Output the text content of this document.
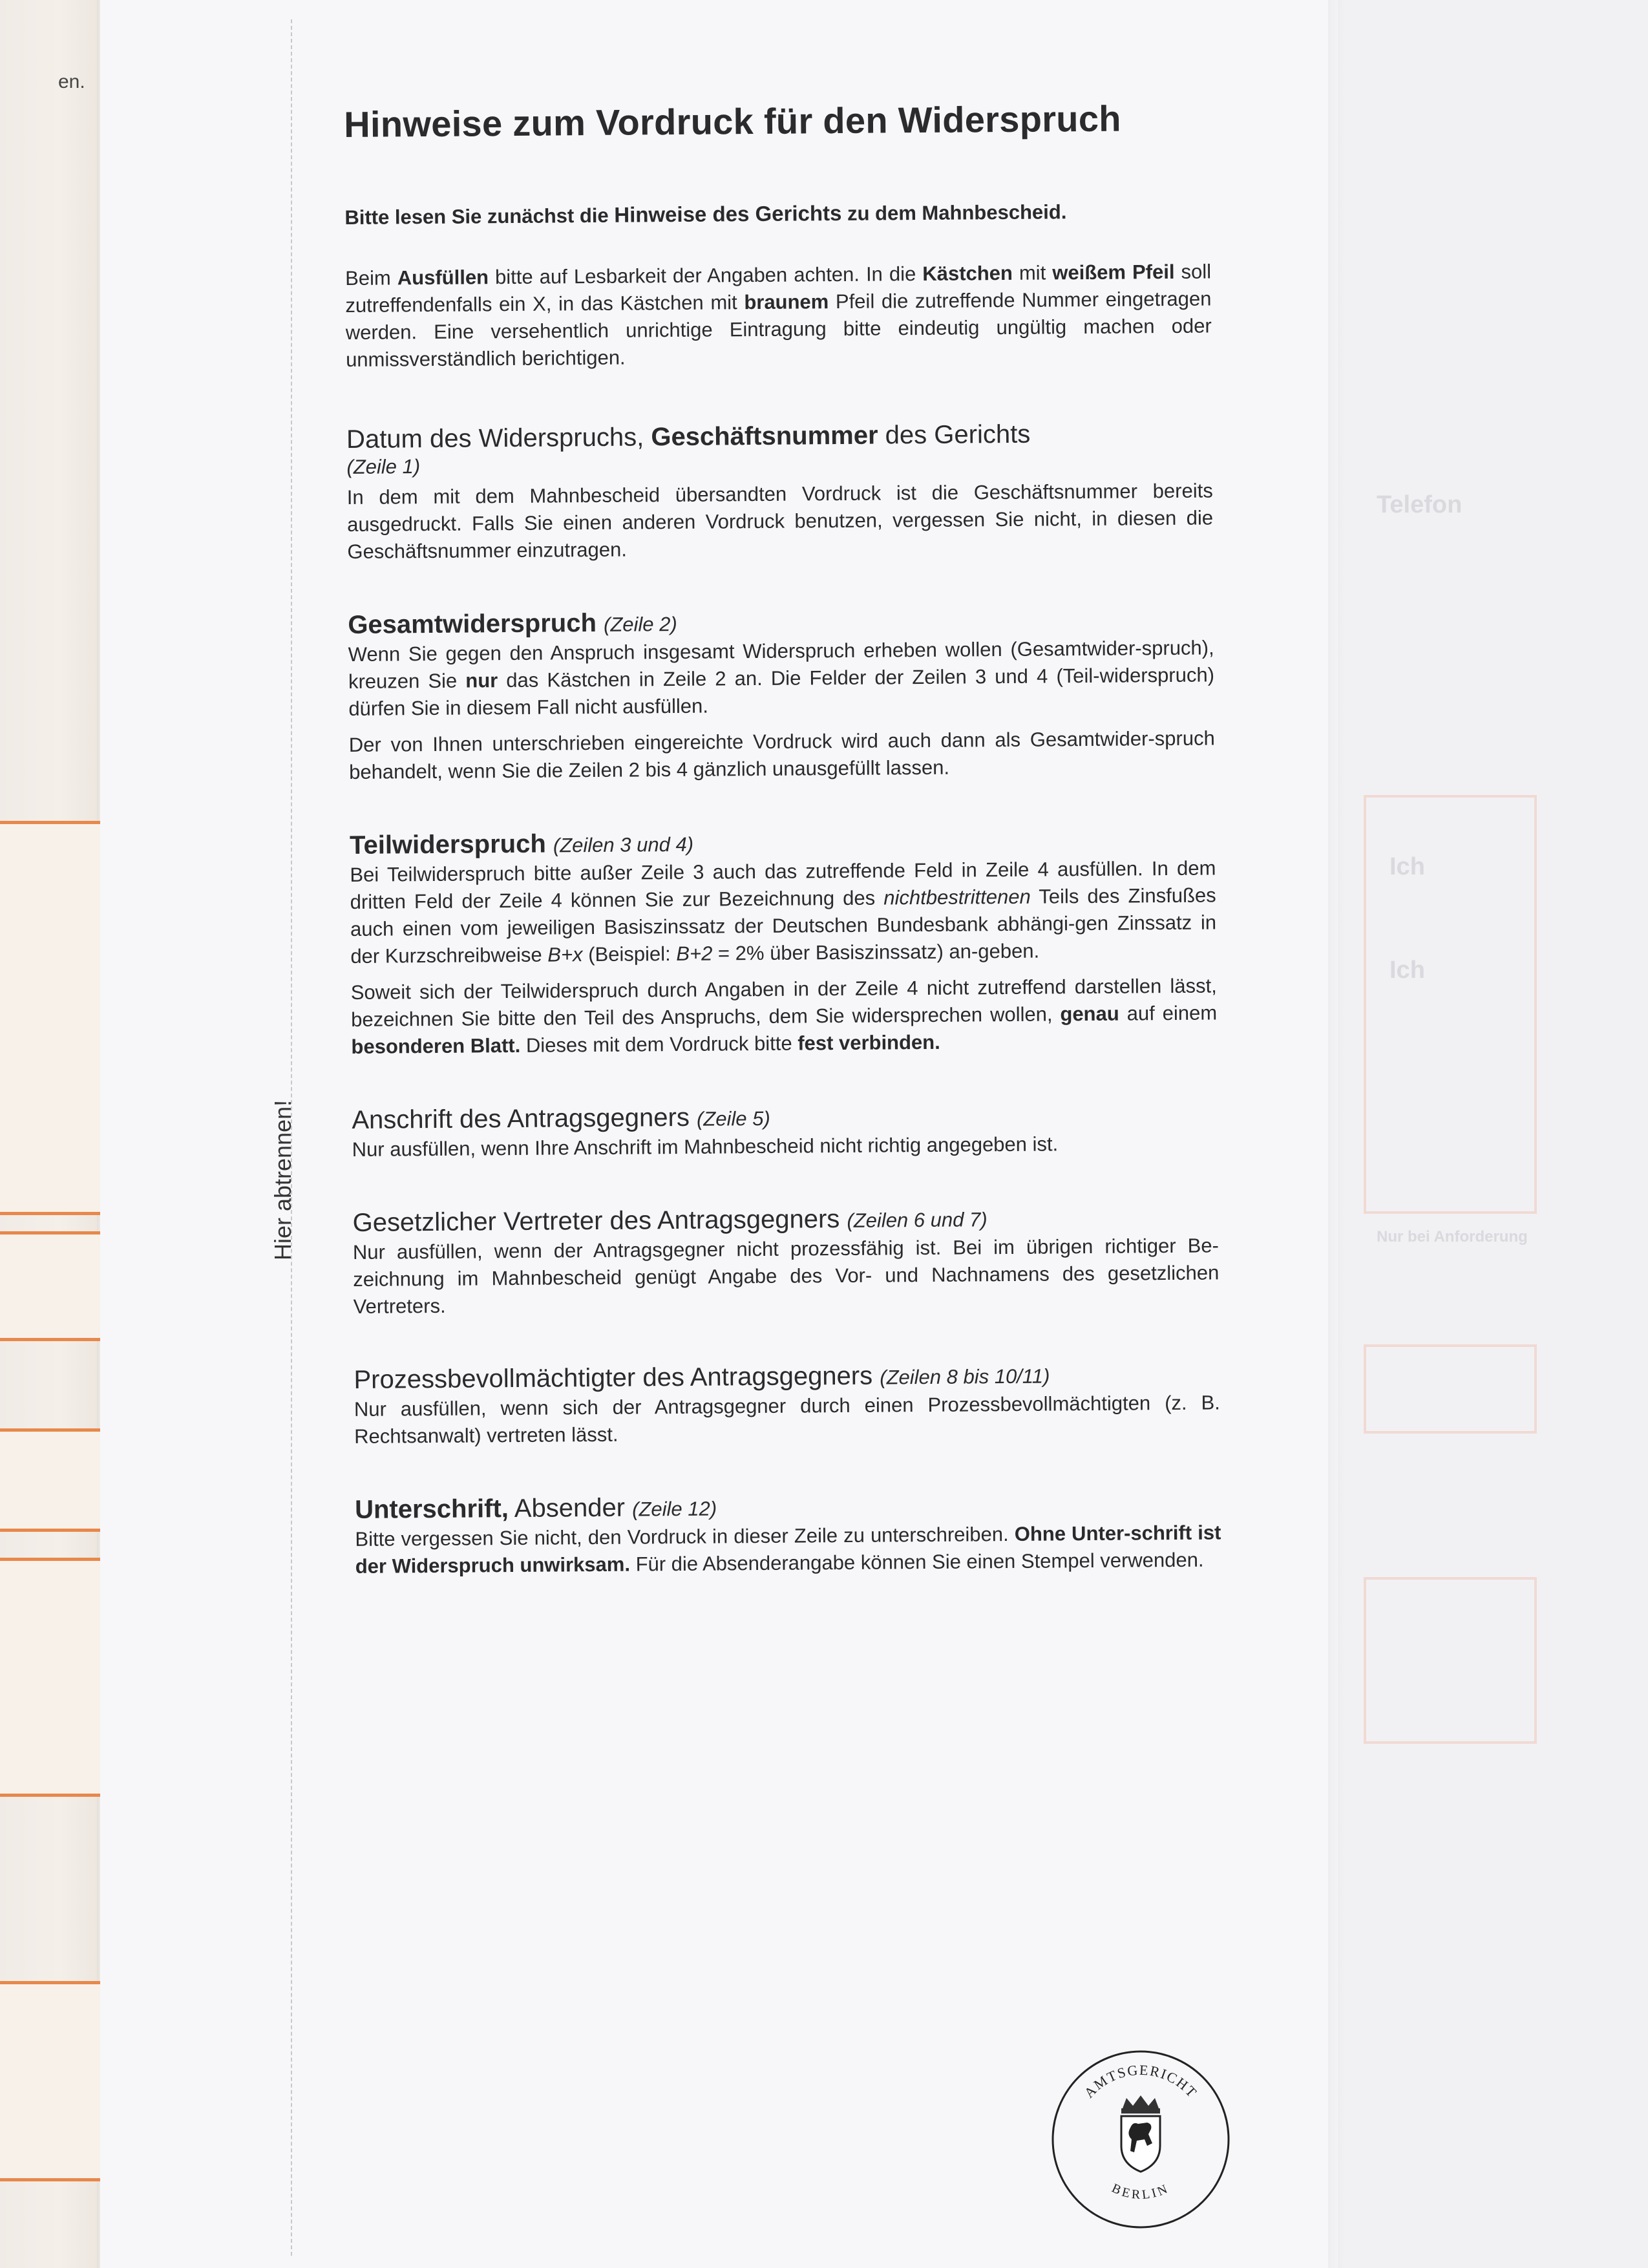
en.
Telefon
Ich
Ich
Nur bei Anforderung
Hier abtrennen!
Hinweise zum Vordruck für den Widerspruch

Bitte lesen Sie zunächst die Hinweise des Gerichts zu dem Mahnbescheid.

Beim Ausfüllen bitte auf Lesbarkeit der Angaben achten. In die Kästchen mit weißem Pfeil soll zutreffendenfalls ein X, in das Kästchen mit braunem Pfeil die zutreffende Nummer eingetragen werden. Eine versehentlich unrichtige Eintragung bitte eindeutig ungültig machen oder unmissverständlich berichtigen.

Datum des Widerspruchs, Geschäftsnummer des Gerichts
(Zeile 1)

In dem mit dem Mahnbescheid übersandten Vordruck ist die Geschäftsnummer bereits ausgedruckt. Falls Sie einen anderen Vordruck benutzen, vergessen Sie nicht, in diesen die Geschäftsnummer einzutragen.

Gesamtwiderspruch (Zeile 2)

Wenn Sie gegen den Anspruch insgesamt Widerspruch erheben wollen (Gesamtwider-spruch), kreuzen Sie nur das Kästchen in Zeile 2 an. Die Felder der Zeilen 3 und 4 (Teil-widerspruch) dürfen Sie in diesem Fall nicht ausfüllen.

Der von Ihnen unterschrieben eingereichte Vordruck wird auch dann als Gesamtwider-spruch behandelt, wenn Sie die Zeilen 2 bis 4 gänzlich unausgefüllt lassen.

Teilwiderspruch (Zeilen 3 und 4)

Bei Teilwiderspruch bitte außer Zeile 3 auch das zutreffende Feld in Zeile 4 ausfüllen. In dem dritten Feld der Zeile 4 können Sie zur Bezeichnung des nichtbestrittenen Teils des Zinsfußes auch einen vom jeweiligen Basiszinssatz der Deutschen Bundesbank abhängi-gen Zinssatz in der Kurzschreibweise B+x (Beispiel: B+2 = 2% über Basiszinssatz) an-geben.

Soweit sich der Teilwiderspruch durch Angaben in der Zeile 4 nicht zutreffend darstellen lässt, bezeichnen Sie bitte den Teil des Anspruchs, dem Sie widersprechen wollen, genau auf einem besonderen Blatt. Dieses mit dem Vordruck bitte fest verbinden.

Anschrift des Antragsgegners (Zeile 5)

Nur ausfüllen, wenn Ihre Anschrift im Mahnbescheid nicht richtig angegeben ist.

Gesetzlicher Vertreter des Antragsgegners (Zeilen 6 und 7)

Nur ausfüllen, wenn der Antragsgegner nicht prozessfähig ist. Bei im übrigen richtiger Be-zeichnung im Mahnbescheid genügt Angabe des Vor- und Nachnamens des gesetzlichen Vertreters.

Prozessbevollmächtigter des Antragsgegners (Zeilen 8 bis 10/11)

Nur ausfüllen, wenn sich der Antragsgegner durch einen Prozessbevollmächtigten (z. B. Rechtsanwalt) vertreten lässt.

Unterschrift, Absender (Zeile 12)

Bitte vergessen Sie nicht, den Vordruck in dieser Zeile zu unterschreiben. Ohne Unter-schrift ist der Widerspruch unwirksam. Für die Absenderangabe können Sie einen Stempel verwenden.

AMTSGERICHT
BERLIN
